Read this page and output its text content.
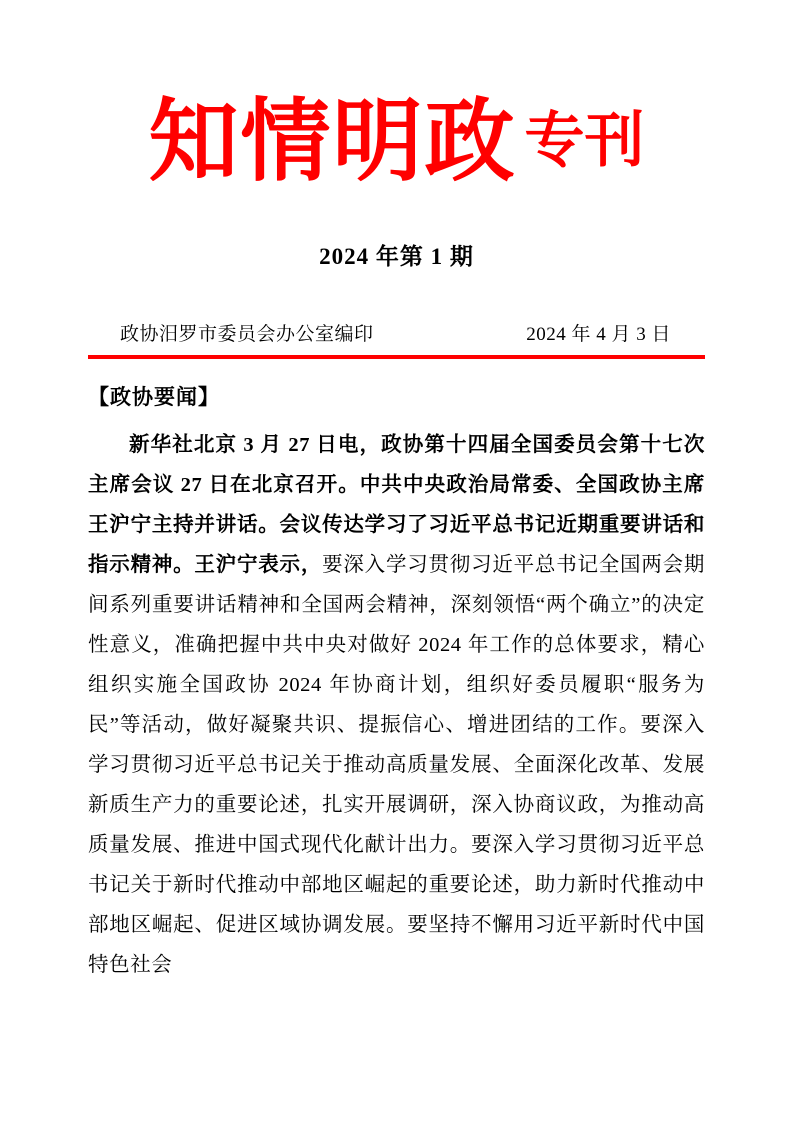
知情明政 专刊
2024 年第 1 期
政协汨罗市委员会办公室编印	2024 年 4 月 3 日
【政协要闻】

新华社北京 3 月 27 日电，政协第十四届全国委员会第十七次主席会议 27 日在北京召开。中共中央政治局常委、全国政协主席王沪宁主持并讲话。会议传达学习了习近平总书记近期重要讲话和指示精神。王沪宁表示，要深入学习贯彻习近平总书记全国两会期间系列重要讲话精神和全国两会精神，深刻领悟“两个确立”的决定性意义，准确把握中共中央对做好 2024 年工作的总体要求，精心组织实施全国政协 2024 年协商计划，组织好委员履职“服务为民”等活动，做好凝聚共识、提振信心、增进团结的工作。要深入学习贯彻习近平总书记关于推动高质量发展、全面深化改革、发展新质生产力的重要论述，扎实开展调研，深入协商议政，为推动高质量发展、推进中国式现代化献计出力。要深入学习贯彻习近平总书记关于新时代推动中部地区崛起的重要论述，助力新时代推动中部地区崛起、促进区域协调发展。要坚持不懈用习近平新时代中国特色社会
